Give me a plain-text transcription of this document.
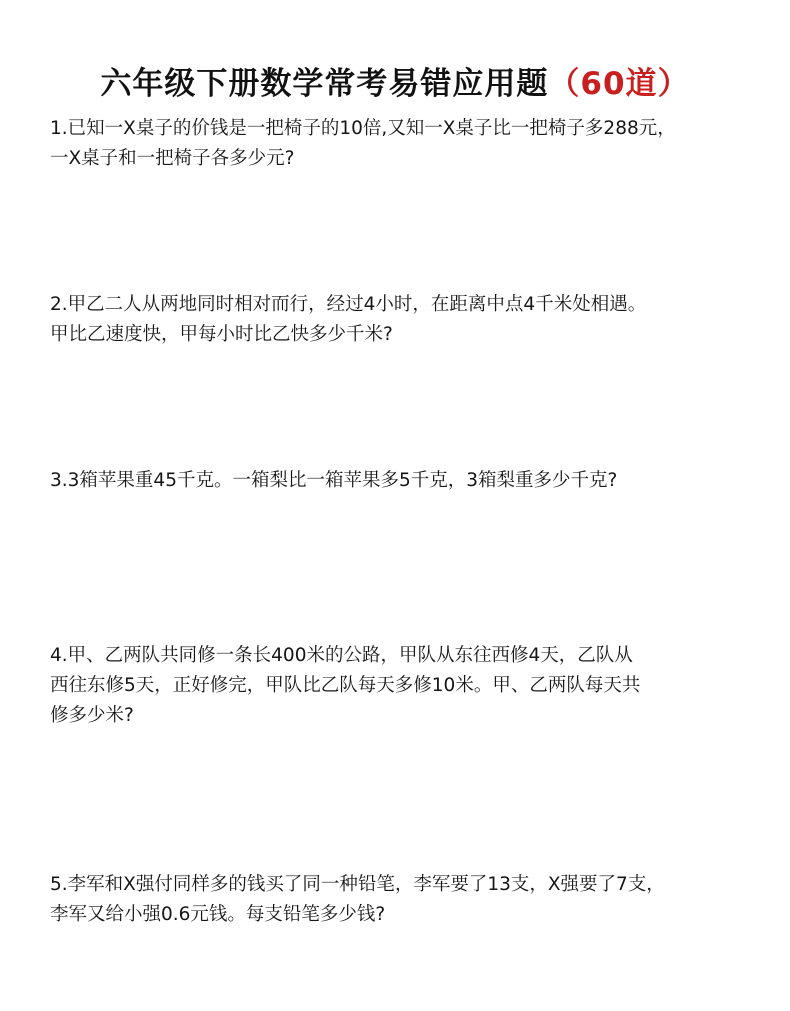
六年级下册数学常考易错应用题（60道）
1.已知一X桌子的价钱是一把椅子的10倍,又知一X桌子比一把椅子多288元，
一X桌子和一把椅子各多少元?
2.甲乙二人从两地同时相对而行，经过4小时，在距离中点4千米处相遇。
甲比乙速度快，甲每小时比乙快多少千米?
3.3箱苹果重45千克。一箱梨比一箱苹果多5千克，3箱梨重多少千克?
4.甲、乙两队共同修一条长400米的公路，甲队从东往西修4天，乙队从
西往东修5天，正好修完，甲队比乙队每天多修10米。甲、乙两队每天共
修多少米?
5.李军和X强付同样多的钱买了同一种铅笔，李军要了13支，X强要了7支，
李军又给小强0.6元钱。每支铅笔多少钱?
